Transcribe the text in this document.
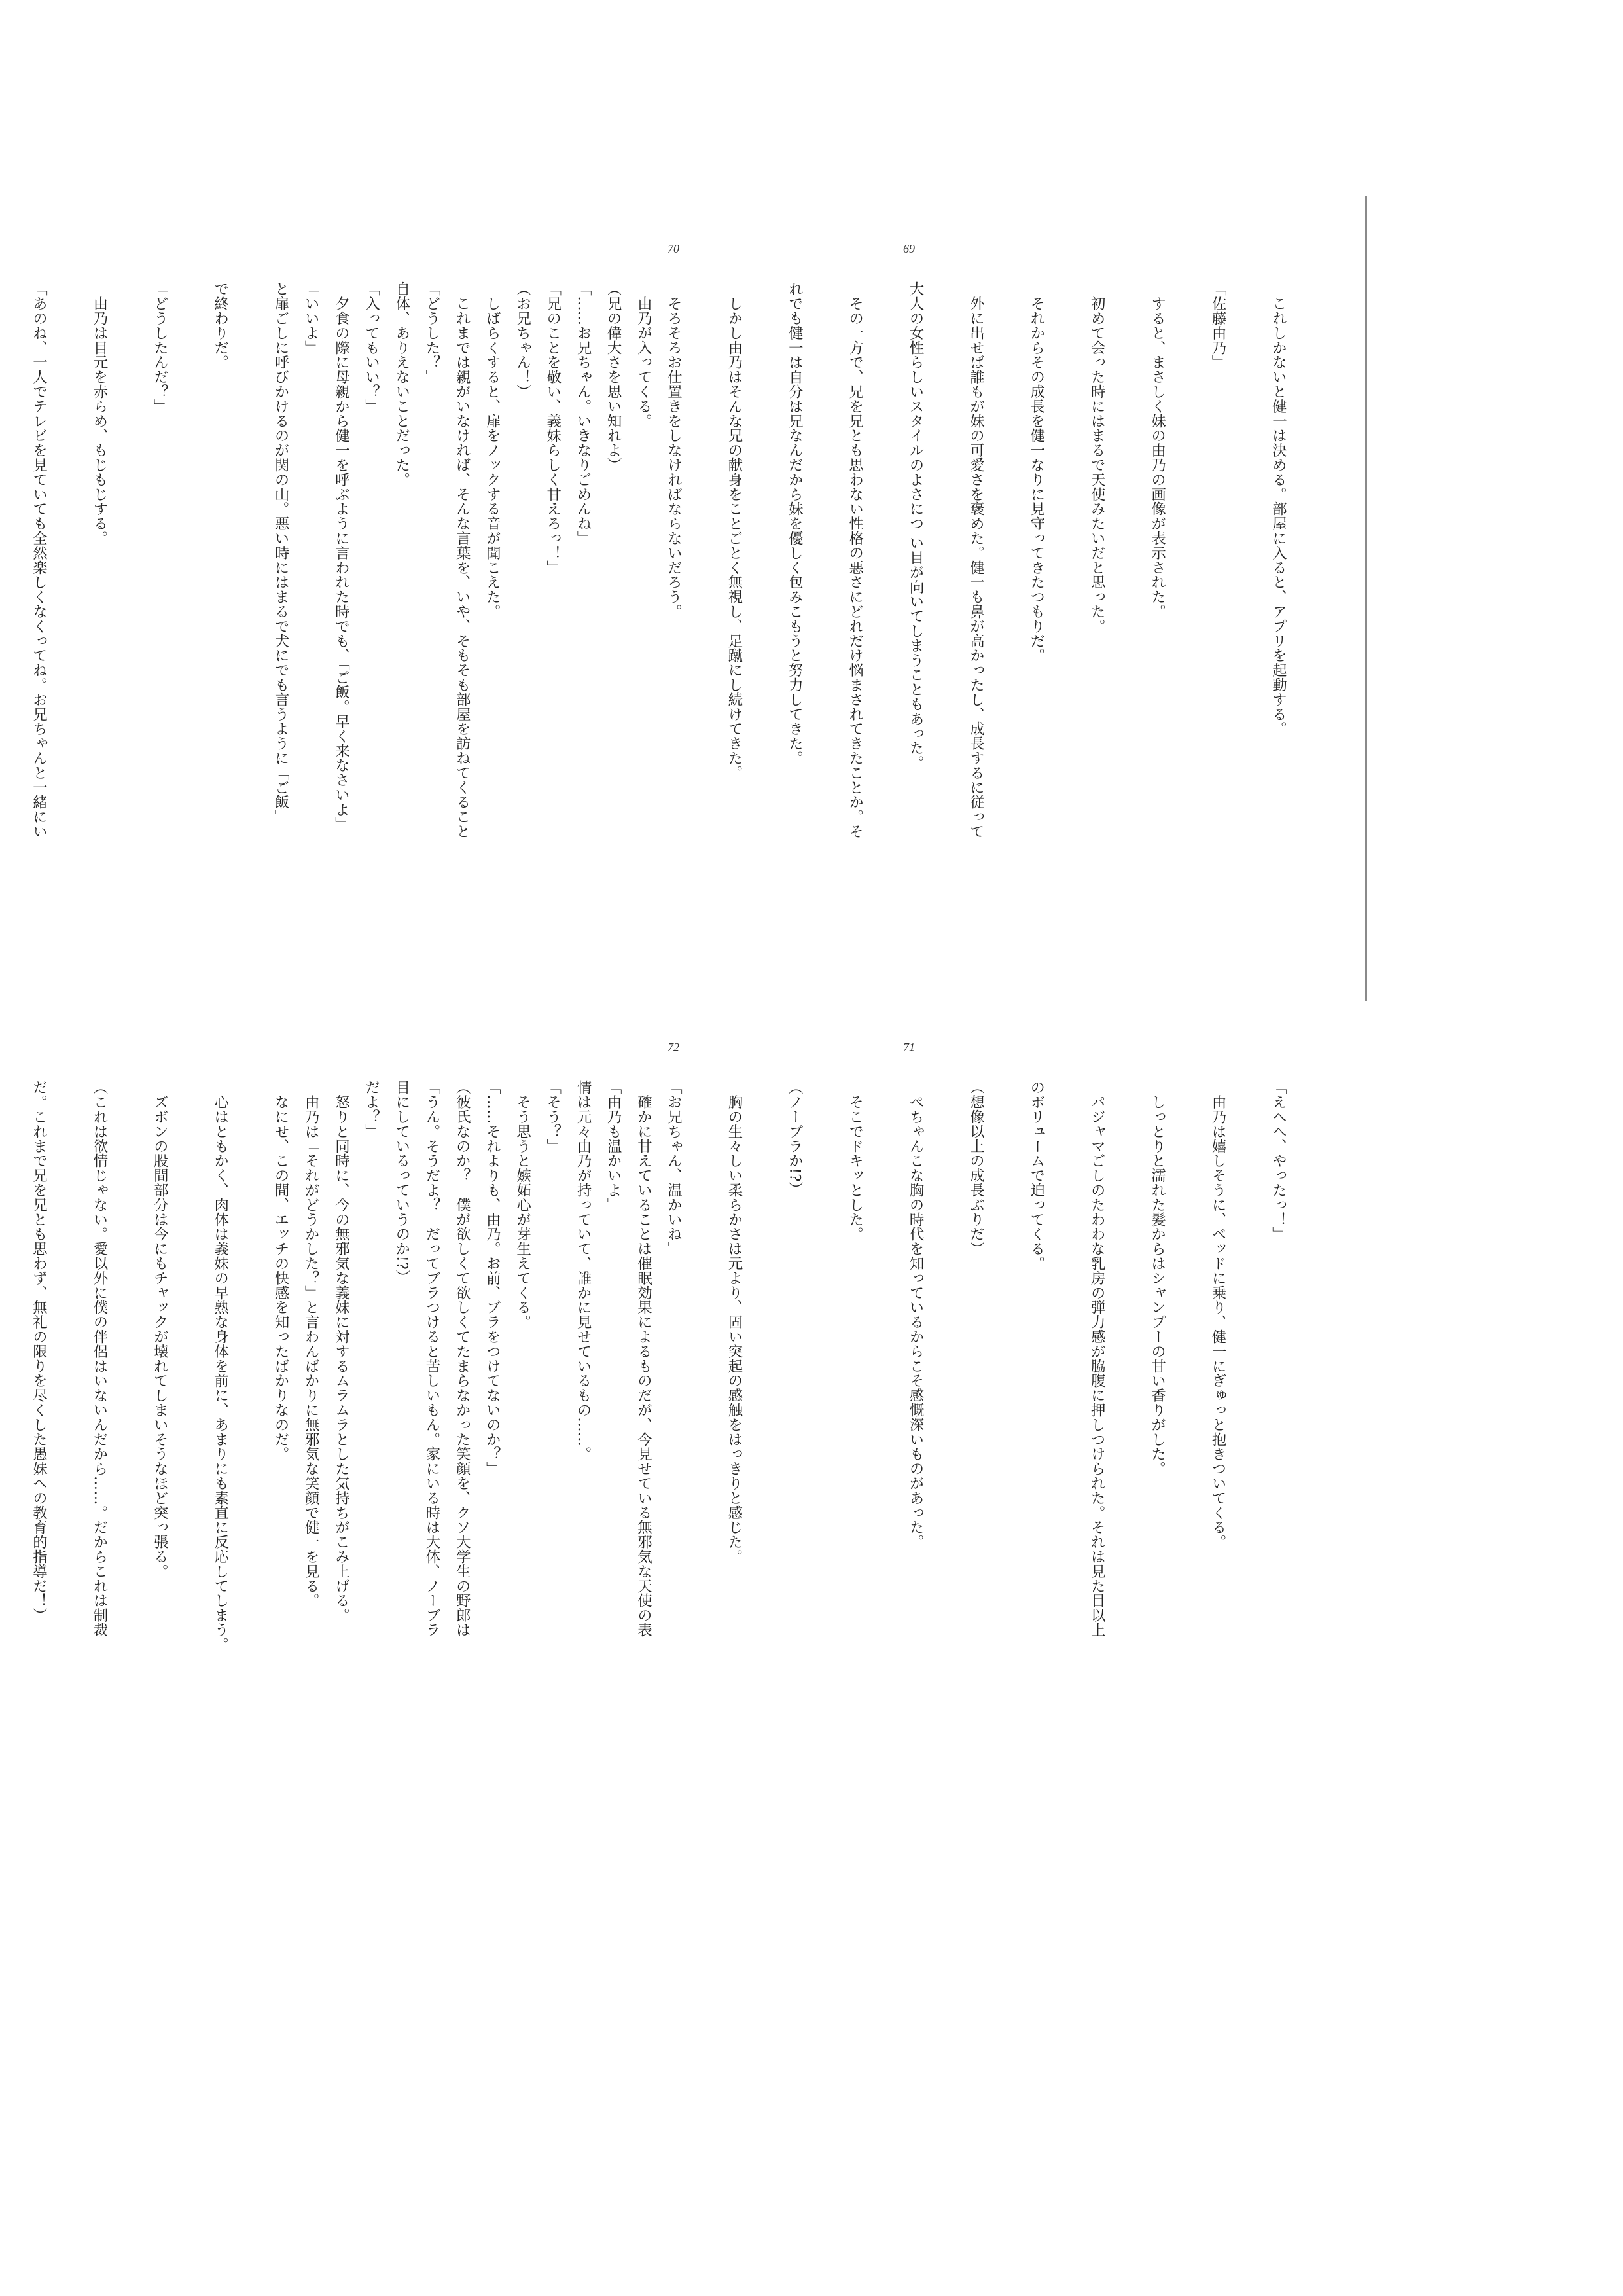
69

　これしかないと健一は決める。部屋に入ると、アプリを起動する。

「佐藤由乃」

　すると、まさしく妹の由乃の画像が表示された。

　初めて会った時にはまるで天使みたいだと思った。

　それからその成長を健一なりに見守ってきたつもりだ。

　外に出せば誰もが妹の可愛さを褒めた。健一も鼻が高かったし、成長するに従って

大人の女性らしいスタイルのよさにつ い目が向いてしまうこともあった。

　その一方で、兄を兄とも思わない性格の悪さにどれだけ悩まされてきたことか。そ

れでも健一は自分は兄なんだから妹を優しく包みこもうと努力してきた。

　しかし由乃はそんな兄の献身をことごとく無視し、足蹴にし続けてきた。

　そろそろお仕置きをしなければならないだろう。

（兄の偉大さを思い知れよ）

「兄のことを敬い、義妹らしく甘えろっ！」

　しばらくすると、扉をノックする音が聞こえた。

「どうした？」

「入ってもいい？」

「いいよ」

70

　由乃が入ってくる。

「……お兄ちゃん。いきなりごめんね」

（お兄ちゃん！）

　これまでは親がいなければ、そんな言葉を、いや、そもそも部屋を訪ねてくること

自体、ありえないことだった。

　夕食の際に母親から健一を呼ぶように言われた時でも、「ご飯。早く来なさいよ」

と扉ごしに呼びかけるのが関の山。悪い時にはまるで犬にでも言うように「ご飯」

で終わりだ。

「どうしたんだ？」

　由乃は目元を赤らめ、もじもじする。

「あのね、一人でテレビを見ていても全然楽しくなくってね。お兄ちゃんと一緒にい

71

「えへへ、やったっ！」

　由乃は嬉しそうに、ベッドに乗り、健一にぎゅっと抱きついてくる。

　しっとりと濡れた髪からはシャンプーの甘い香りがした。

　パジャマごしのたわわな乳房の弾力感が脇腹に押しつけられた。それは見た目以上

のボリュームで迫ってくる。

（想像以上の成長ぶりだ）

　ぺちゃんこな胸の時代を知っているからこそ感慨深いものがあった。

　そこでドキッとした。

（ノーブラか!?）

　胸の生々しい柔らかさは元より、固い突起の感触をはっきりと感じた。

「お兄ちゃん、温かいね」

「由乃も温かいよ」

「そう？」

「……それよりも、由乃。お前、ブラをつけてないのか？」

「うん。そうだよ？　だってブラつけると苦しいもん。家にいる時は大体、ノーブラ

だよ？」

　由乃は「それがどうかした？」と言わんばかりに無邪気な笑顔で健一を見る。

72

　確かに甘えていることは催眠効果によるものだが、今見せている無邪気な天使の表

情は元々由乃が持っていて、誰かに見せているもの……。

　そう思うと嫉妬心が芽生えてくる。

（彼氏なのか？　僕が欲しくて欲しくてたまらなかった笑顔を、クソ大学生の野郎は

目にしているっていうのか!?）

　怒りと同時に、今の無邪気な義妹に対するムラムラとした気持ちがこみ上げる。

　なにせ、この間、エッチの快感を知ったばかりなのだ。

　心はともかく、肉体は義妹の早熟な身体を前に、あまりにも素直に反応してしまう。

　ズボンの股間部分は今にもチャックが壊れてしまいそうなほど突っ張る。

（これは欲情じゃない。愛以外に僕の伴侶はいないんだから……。だからこれは制裁

だ。これまで兄を兄とも思わず、無礼の限りを尽くした愚妹への教育的指導だ！）
